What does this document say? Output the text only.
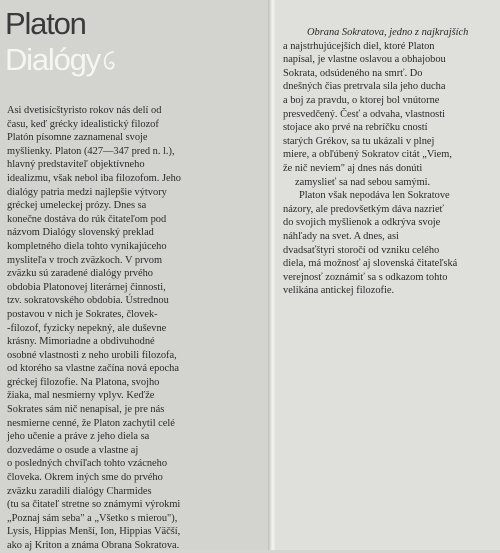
Platon
Dialógy
Asi dvetisícštyristo rokov nás delí od
času, keď grécky idealistický filozof
Platón písomne zaznamenal svoje
myšlienky. Platon (427—347 pred n. l.),
hlavný predstaviteľ objektívneho
idealizmu, však nebol iba filozofom. Jeho
dialógy patria medzi najlepšie výtvory
gréckej umeleckej prózy. Dnes sa
konečne dostáva do rúk čitateľom pod
názvom Dialógy slovenský preklad
kompletného diela tohto vynikajúceho
mysliteľa v troch zväzkoch. V prvom
zväzku sú zaradené dialógy prvého
obdobia Platonovej literárnej činnosti,
tzv. sokratovského obdobia. Ústrednou
postavou v nich je Sokrates, človek-
-filozof, fyzicky nepekný, ale duševne
krásny. Mimoriadne a obdivuhodné
osobné vlastnosti z neho urobili filozofa,
od ktorého sa vlastne začína nová epocha
gréckej filozofie. Na Platona, svojho
žiaka, mal nesmierny vplyv. Keďže
Sokrates sám nič nenapísal, je pre nás
nesmierne cenné, že Platon zachytil celé
jeho učenie a práve z jeho diela sa
dozvedáme o osude a vlastne aj
o posledných chvíľach tohto vzácneho
človeka. Okrem iných sme do prvého
zväzku zaradili dialógy Charmides
(tu sa čitateľ stretne so známymi výrokmi
„Poznaj sám seba" a „Všetko s mierou"),
Lysis, Hippias Menší, Ion, Hippias Väčší,
ako aj Kriton a známa Obrana Sokratova.
Obrana Sokratova, jedno z najkrajších
a najstrhujúcejších diel, ktoré Platon
napísal, je vlastne oslavou a obhajobou
Sokrata, odsúdeného na smrť. Do
dnešných čias pretrvala sila jeho ducha
a boj za pravdu, o ktorej bol vnútorne
presvedčený. Česť a odvaha, vlastnosti
stojace ako prvé na rebríčku cností
starých Grékov, sa tu ukázali v plnej
miere, a obľúbený Sokratov citát „Viem,
že nič neviem" aj dnes nás donúti
zamyslieť sa nad sebou samými.
Platon však nepodáva len Sokratove
názory, ale predovšetkým dáva nazrieť
do svojich myšlienok a odkrýva svoje
náhľady na svet. A dnes, asi
dvadsaťštyri storočí od vzniku celého
diela, má možnosť aj slovenská čitateľská
verejnosť zoznámiť sa s odkazom tohto
velikána antickej filozofie.
